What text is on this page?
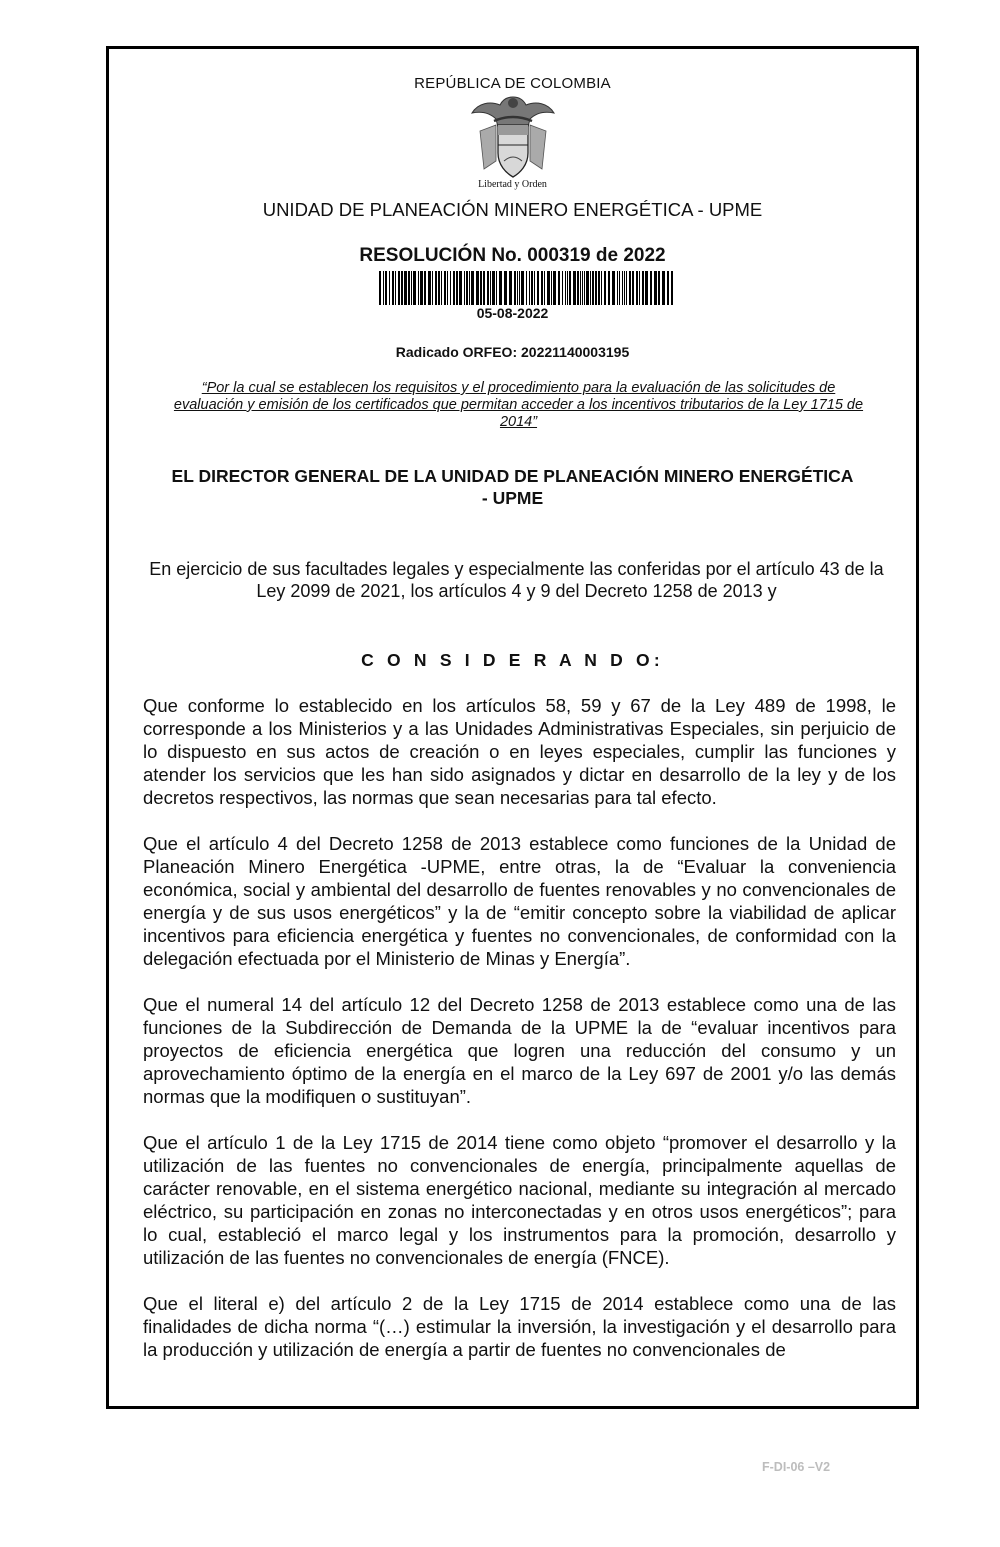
REPÚBLICA DE COLOMBIA
Libertad y Orden
UNIDAD DE PLANEACIÓN MINERO ENERGÉTICA - UPME
RESOLUCIÓN No. 000319 de 2022
05-08-2022
Radicado ORFEO: 20221140003195
“Por la cual se establecen los requisitos y el procedimiento para la evaluación de las solicitudes de evaluación y emisión de los certificados que permitan acceder a los incentivos tributarios de la Ley 1715 de 2014”
EL DIRECTOR GENERAL DE LA UNIDAD DE PLANEACIÓN MINERO ENERGÉTICA - UPME
En ejercicio de sus facultades legales y especialmente las conferidas por el artículo 43 de la Ley 2099 de 2021, los artículos 4 y 9 del Decreto 1258 de 2013 y
C O N S I D E R A N D O:

Que conforme lo establecido en los artículos 58, 59 y 67 de la Ley 489 de 1998, le corresponde a los Ministerios y a las Unidades Administrativas Especiales, sin perjuicio de lo dispuesto en sus actos de creación o en leyes especiales, cumplir las funciones y atender los servicios que les han sido asignados y dictar en desarrollo de la ley y de los decretos respectivos, las normas que sean necesarias para tal efecto.

Que el artículo 4 del Decreto 1258 de 2013 establece como funciones de la Unidad de Planeación Minero Energética -UPME, entre otras, la de “Evaluar la conveniencia económica, social y ambiental del desarrollo de fuentes renovables y no convencionales de energía y de sus usos energéticos” y la de “emitir concepto sobre la viabilidad de aplicar incentivos para eficiencia energética y fuentes no convencionales, de conformidad con la delegación efectuada por el Ministerio de Minas y Energía”.

Que el numeral 14 del artículo 12 del Decreto 1258 de 2013 establece como una de las funciones de la Subdirección de Demanda de la UPME la de “evaluar incentivos para proyectos de eficiencia energética que logren una reducción del consumo y un aprovechamiento óptimo de la energía en el marco de la Ley 697 de 2001 y/o las demás normas que la modifiquen o sustituyan”.

Que el artículo 1 de la Ley 1715 de 2014 tiene como objeto “promover el desarrollo y la utilización de las fuentes no convencionales de energía, principalmente aquellas de carácter renovable, en el sistema energético nacional, mediante su integración al mercado eléctrico, su participación en zonas no interconectadas y en otros usos energéticos”; para lo cual, estableció el marco legal y los instrumentos para la promoción, desarrollo y utilización de las fuentes no convencionales de energía (FNCE).

Que el literal e) del artículo 2 de la Ley 1715 de 2014 establece como una de las finalidades de dicha norma “(…) estimular la inversión, la investigación y el desarrollo para la producción y utilización de energía a partir de fuentes no convencionales de

F-DI-06 –V2
